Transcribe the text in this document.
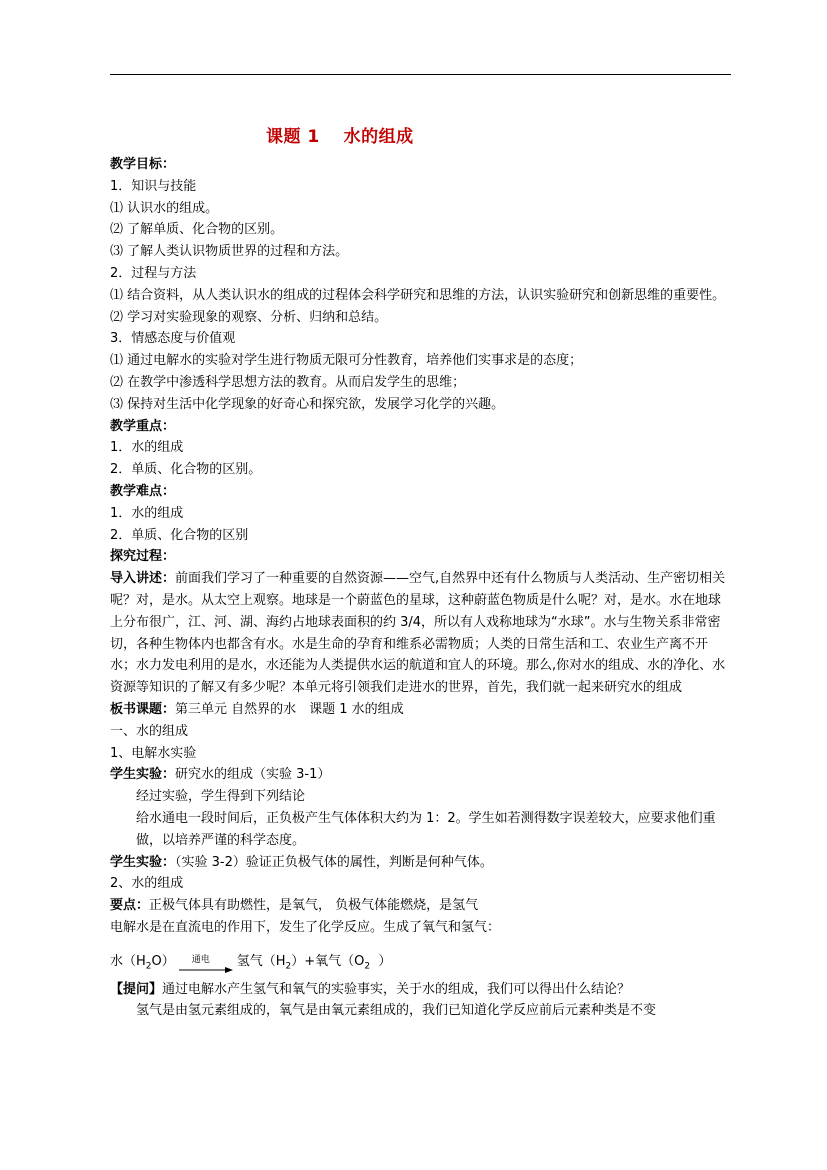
课题 1　 水的组成
教学目标：
1．知识与技能
⑴ 认识水的组成。
⑵ 了解单质、化合物的区别。
⑶ 了解人类认识物质世界的过程和方法。
2．过程与方法
⑴ 结合资料，从人类认识水的组成的过程体会科学研究和思维的方法，认识实验研究和创新思维的重要性。
⑵ 学习对实验现象的观察、分析、归纳和总结。
3．情感态度与价值观
⑴ 通过电解水的实验对学生进行物质无限可分性教育，培养他们实事求是的态度；
⑵ 在教学中渗透科学思想方法的教育。从而启发学生的思维；
⑶ 保持对生活中化学现象的好奇心和探究欲，发展学习化学的兴趣。
教学重点：
1．水的组成
2．单质、化合物的区别。
教学难点：
1．水的组成
2．单质、化合物的区别
探究过程：
导入讲述：前面我们学习了一种重要的自然资源——空气,自然界中还有什么物质与人类活动、生产密切相关呢？对，是水。从太空上观察。地球是一个蔚蓝色的星球，这种蔚蓝色物质是什么呢？对，是水。水在地球上分布很广，江、河、湖、海约占地球表面积的约 3/4，所以有人戏称地球为“水球”。水与生物关系非常密切，各种生物体内也都含有水。水是生命的孕育和维系必需物质；人类的日常生活和工、农业生产离不开水；水力发电利用的是水，水还能为人类提供水运的航道和宜人的环境。那么,你对水的组成、水的净化、水资源等知识的了解又有多少呢？本单元将引领我们走进水的世界，首先，我们就一起来研究水的组成
板书课题：第三单元 自然界的水　课题 1 水的组成
一、水的组成
1、电解水实验
学生实验：研究水的组成（实验 3-1）
经过实验，学生得到下列结论
给水通电一段时间后，正负极产生气体体积大约为 1：2。学生如若测得数字误差较大，应要求他们重做，以培养严谨的科学态度。
学生实验：（实验 3-2）验证正负极气体的属性，判断是何种气体。
2、水的组成
要点：正极气体具有助燃性，是氧气， 负极气体能燃烧，是氢气
电解水是在直流电的作用下，发生了化学反应。生成了氧气和氢气：
水$(H_2O)$ 通电 氢气$(H_2)+$ 氧气（$O_2$  ）
【提问】通过电解水产生氢气和氧气的实验事实，关于水的组成，我们可以得出什么结论？
氢气是由氢元素组成的，氧气是由氧元素组成的，我们已知道化学反应前后元素种类是不变
